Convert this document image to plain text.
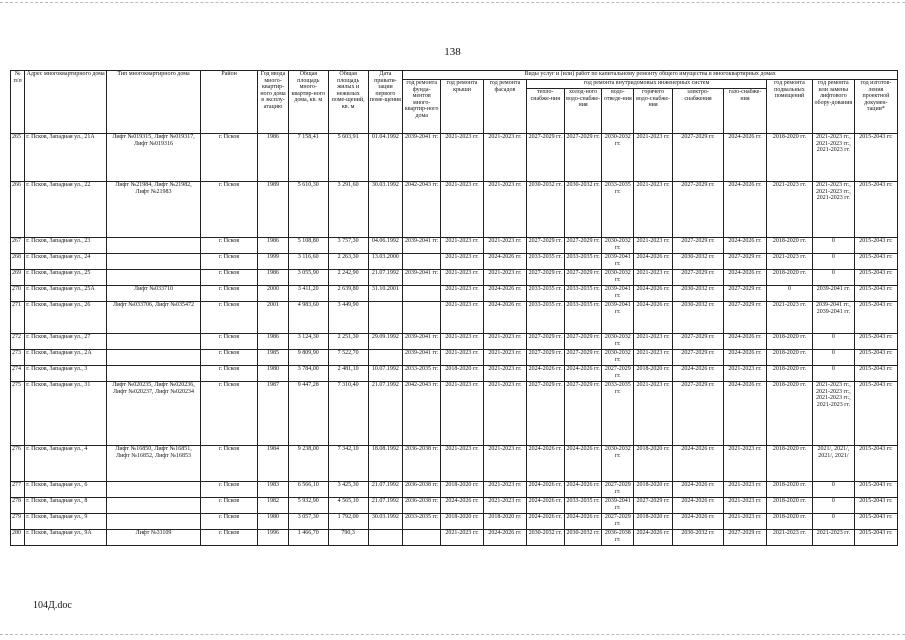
138
№ п/п	Адрес многоквартирного дома	Тип многоквартирного дома	Район	Год ввода много-квартир-ного дома в эксплу-атацию	Общая площадь много-квартир-ного дома, кв. м	Общая площадь жилых и нежилых поме-щений, кв. м	Дата привати-зации первого поме-щения	Виды услуг и (или) работ по капитальному ремонту общего имущества в многоквартирных домах											
								год ремонта фунда-ментов много-квартир-ного дома	год ремонта крыши	год ремонта фасадов	год ремонта внутридомовых инженерных систем						год ремонта подвальных помещений	год ремонта или замены лифтового обору-дования	год изготов-ления проектной докумен-тации*
											тепло-снабже-ния	холод-ного водо-снабже-ния	водо-отведе-ния	горячего водо-снабже-ния	электро-снабжения	газо-снабже-ния			
265	г. Псков, Западная ул., 21А	Лифт №019315, Лифт №019317, Лифт №019316	г. Псков	1986	7 158,41	5 603,91	01.04.1992	2039-2041 гг.	2021-2023 гг.	2021-2023 гг.	2027-2029 гг.	2027-2029 гг.	2030-2032 гг.	2021-2023 гг.	2027-2029 гг.	2024-2026 гг.	2018-2020 гг.	2021-2023 гг., 2021-2023 гг., 2021-2023 гг.	2015-2043 гг.
266	г. Псков, Западная ул., 22	Лифт №21984, Лифт №21982, Лифт №21983	г. Псков	1989	5 610,30	3 291,60	30.03.1992	2042-2043 гг.	2021-2023 гг.	2021-2023 гг.	2030-2032 гг.	2030-2032 гг.	2033-2035 гг.	2021-2023 гг.	2027-2029 гг.	2024-2026 гг.	2021-2023 гг.	2021-2023 гг., 2021-2023 гг., 2021-2023 гг.	2015-2043 гг.
267	г. Псков, Западная ул., 23		г. Псков	1986	5 108,80	3 757,30	04.06.1992	2039-2041 гг.	2021-2023 гг.	2021-2023 гг.	2027-2029 гг.	2027-2029 гг.	2030-2032 гг.	2021-2023 гг.	2027-2029 гг.	2024-2026 гг.	2018-2020 гг.	0	2015-2043 гг.
268	г. Псков, Западная ул., 24		г. Псков	1999	3 116,60	2 263,30	13.03.2000		2021-2023 гг.	2024-2026 гг.	2033-2035 гг.	2033-2035 гг.	2039-2041 гг.	2024-2026 гг.	2030-2032 гг.	2027-2029 гг.	2021-2023 гг.	0	2015-2043 гг.
269	г. Псков, Западная ул., 25		г. Псков	1986	3 055,90	2 242,90	21.07.1992	2039-2041 гг.	2021-2023 гг.	2021-2023 гг.	2027-2029 гг.	2027-2029 гг.	2030-2032 гг.	2021-2023 гг.	2027-2029 гг.	2024-2026 гг.	2018-2020 гг.	0	2015-2043 гг.
270	г. Псков, Западная ул., 25А	Лифт №033710	г. Псков	2000	3 411,20	2 639,80	31.10.2001		2021-2023 гг.	2024-2026 гг.	2033-2035 гг.	2033-2035 гг.	2039-2041 гг.	2024-2026 гг.	2030-2032 гг.	2027-2029 гг.	0	2039-2041 гг.	2015-2043 гг.
271	г. Псков, Западная ул., 26	Лифт №033706, Лифт №035472	г. Псков	2001	4 983,60	3 449,90			2021-2023 гг.	2024-2026 гг.	2033-2035 гг.	2033-2035 гг.	2039-2041 гг.	2024-2026 гг.	2030-2032 гг.	2027-2029 гг.	2021-2023 гг.	2039-2041 гг., 2039-2041 гг.	2015-2043 гг.
272	г. Псков, Западная ул., 27		г. Псков	1986	3 124,30	2 251,30	29.09.1992	2039-2041 гг.	2021-2023 гг.	2021-2023 гг.	2027-2029 гг.	2027-2029 гг.	2030-2032 гг.	2021-2023 гг.	2027-2029 гг.	2024-2026 гг.	2018-2020 гг.	0	2015-2043 гг.
273	г. Псков, Западная ул., 2А		г. Псков	1985	9 809,90	7 522,70		2039-2041 гг.	2021-2023 гг.	2021-2023 гг.	2027-2029 гг.	2027-2029 гг.	2030-2032 гг.	2021-2023 гг.	2027-2029 гг.	2024-2026 гг.	2018-2020 гг.	0	2015-2043 гг.
274	г. Псков, Западная ул., 3		г. Псков	1980	3 784,00	2 481,10	10.07.1992	2033-2035 гг.	2018-2020 гг.	2021-2023 гг.	2024-2026 гг.	2024-2026 гг.	2027-2029 гг.	2018-2020 гг.	2024-2026 гг.	2021-2023 гг.	2018-2020 гг.	0	2015-2043 гг.
275	г. Псков, Западная ул., 31	Лифт №020235, Лифт №020236, Лифт №020237, Лифт №020234	г. Псков	1987	9 447,28	7 310,40	21.07.1992	2042-2043 гг.	2021-2023 гг.	2021-2023 гг.	2027-2029 гг.	2027-2029 гг.	2033-2035 гг.	2021-2023 гг.	2027-2029 гг.	2024-2026 гг.	2018-2020 гг.	2021-2023 гг., 2021-2023 гг., 2021-2023 гг., 2021-2023 гг.	2015-2043 гг.
276	г. Псков, Западная ул., 4	Лифт №16850, Лифт №16851, Лифт №16852, Лифт №16853	г. Псков	1984	9 238,00	7 342,10	18.08.1992	2036-2038 гг.	2021-2023 гг.	2021-2023 гг.	2024-2026 гг.	2024-2026 гг.	2030-2032 гг.	2018-2020 гг.	2024-2026 гг.	2021-2023 гг.	2018-2020 гг.	2021/, 2021/, 2021/, 2021/	2015-2043 гг.
277	г. Псков, Западная ул., 6		г. Псков	1983	6 566,10	3 425,30	21.07.1992	2036-2038 гг.	2018-2020 гг.	2021-2023 гг.	2024-2026 гг.	2024-2026 гг.	2027-2029 гг.	2018-2020 гг.	2024-2026 гг.	2021-2023 гг.	2018-2020 гг.	0	2015-2043 гг.
278	г. Псков, Западная ул., 8		г. Псков	1982	5 932,90	4 565,10	21.07.1992	2036-2038 гг.	2024-2026 гг.	2021-2023 гг.	2024-2026 гг.	2033-2035 гг.	2039-2041 гг.	2027-2029 гг.	2024-2026 гг.	2021-2023 гг.	2018-2020 гг.	0	2015-2043 гг.
279	г. Псков, Западная ул., 9		г. Псков	1980	3 057,30	1 792,00	30.03.1992	2033-2035 гг.	2018-2020 гг.	2018-2020 гг.	2024-2026 гг.	2024-2026 гг.	2027-2029 гг.	2018-2020 гг.	2024-2026 гг.	2021-2023 гг.	2018-2020 гг.	0	2015-2043 гг.
280	г. Псков, Западная ул., 9А	Лифт №31109	г. Псков	1996	1 466,70	790,3			2021-2023 гг.	2024-2026 гг.	2030-2032 гг.	2030-2032 гг.	2036-2038 гг.	2024-2026 гг.	2030-2032 гг.	2027-2029 гг.	2021-2023 гг.	2021-2023 гг.	2015-2043 гг.
104Д.doc
